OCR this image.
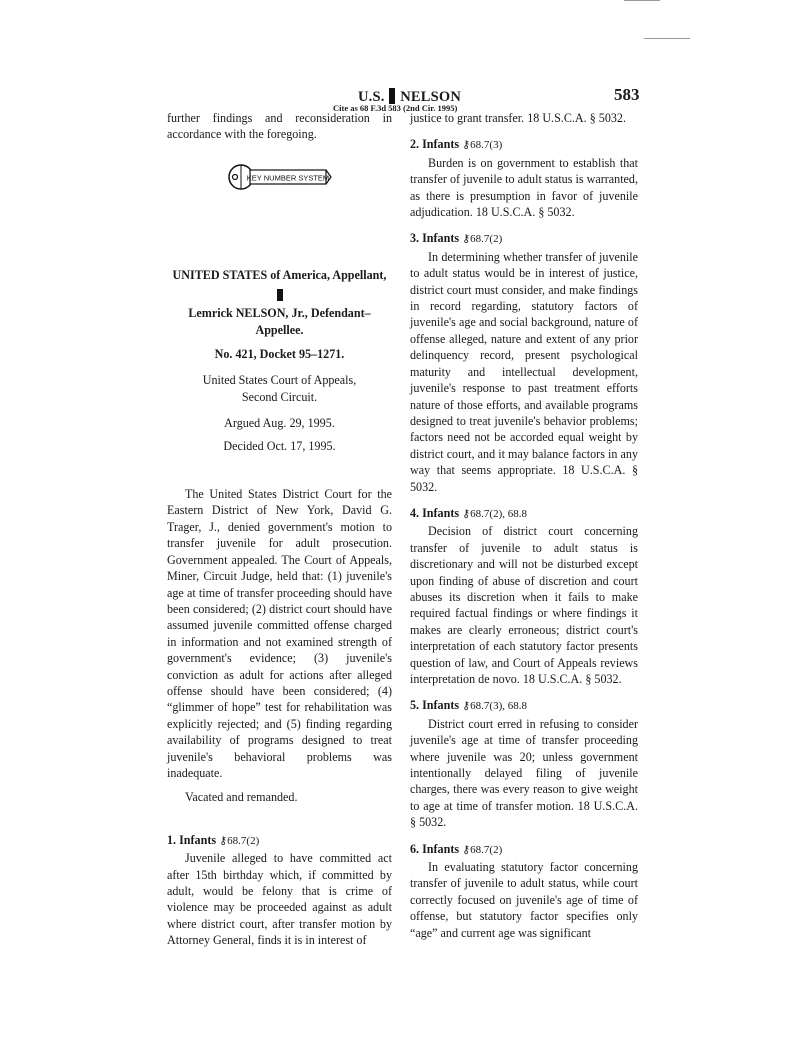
U.S. NELSON	583
Cite as 68 F.3d 583 (2nd Cir. 1995)

further findings and reconsideration in accordance with the foregoing.

KEY NUMBER SYSTEM

UNITED STATES of America, Appellant,

Lemrick NELSON, Jr., Defendant–Appellee.

No. 421, Docket 95–1271.

United States Court of Appeals, Second Circuit.

Argued Aug. 29, 1995.

Decided Oct. 17, 1995.

The United States District Court for the Eastern District of New York, David G. Trager, J., denied government's motion to transfer juvenile for adult prosecution. Government appealed. The Court of Appeals, Miner, Circuit Judge, held that: (1) juvenile's age at time of transfer proceeding should have been considered; (2) district court should have assumed juvenile committed offense charged in information and not examined strength of government's evidence; (3) juvenile's conviction as adult for actions after alleged offense should have been considered; (4) “glimmer of hope” test for rehabilitation was explicitly rejected; and (5) finding regarding availability of programs designed to treat juvenile's behavioral problems was inadequate.

Vacated and remanded.

1. Infants ⚷68.7(2)

Juvenile alleged to have committed act after 15th birthday which, if committed by adult, would be felony that is crime of violence may be proceeded against as adult where district court, after transfer motion by Attorney General, finds it is in interest of

justice to grant transfer. 18 U.S.C.A. § 5032.

2. Infants ⚷68.7(3)

Burden is on government to establish that transfer of juvenile to adult status is warranted, as there is presumption in favor of juvenile adjudication. 18 U.S.C.A. § 5032.

3. Infants ⚷68.7(2)

In determining whether transfer of juvenile to adult status would be in interest of justice, district court must consider, and make findings in record regarding, statutory factors of juvenile's age and social background, nature of offense alleged, nature and extent of any prior delinquency record, present psychological maturity and intellectual development, juvenile's response to past treatment efforts nature of those efforts, and available programs designed to treat juvenile's behavior problems; factors need not be accorded equal weight by district court, and it may balance factors in any way that seems appropriate. 18 U.S.C.A. § 5032.

4. Infants ⚷68.7(2), 68.8

Decision of district court concerning transfer of juvenile to adult status is discretionary and will not be disturbed except upon finding of abuse of discretion and court abuses its discretion when it fails to make required factual findings or where findings it makes are clearly erroneous; district court's interpretation of each statutory factor presents question of law, and Court of Appeals reviews interpretation de novo. 18 U.S.C.A. § 5032.

5. Infants ⚷68.7(3), 68.8

District court erred in refusing to consider juvenile's age at time of transfer proceeding where juvenile was 20; unless government intentionally delayed filing of juvenile charges, there was every reason to give weight to age at time of transfer motion. 18 U.S.C.A. § 5032.

6. Infants ⚷68.7(2)

In evaluating statutory factor concerning transfer of juvenile to adult status, while court correctly focused on juvenile's age of time of offense, but statutory factor specifies only “age” and current age was significant
